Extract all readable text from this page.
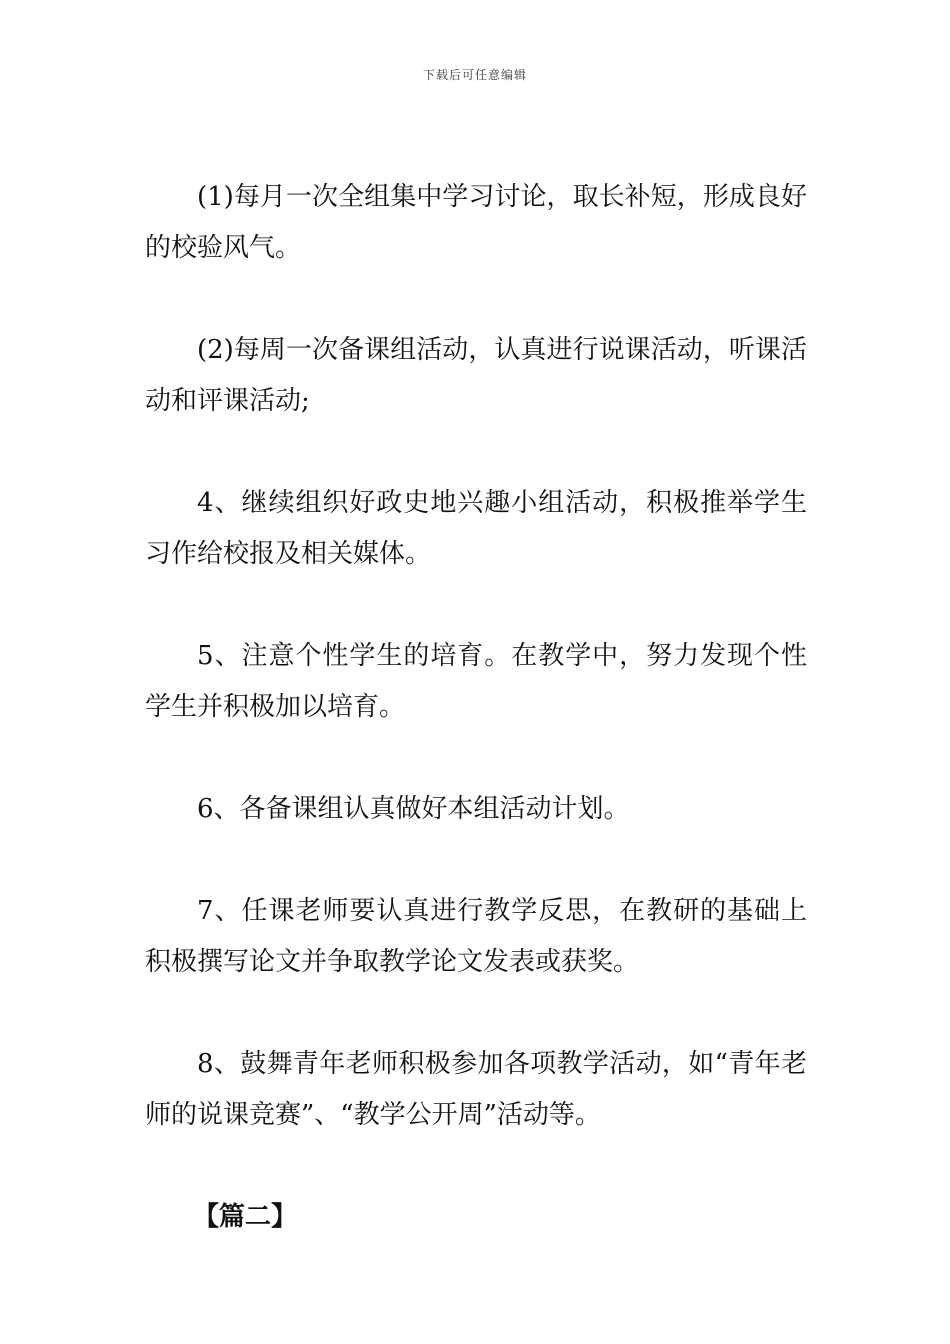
下载后可任意编辑

(1)每月一次全组集中学习讨论，取长补短，形成良好的校验风气。

(2)每周一次备课组活动，认真进行说课活动，听课活动和评课活动;

4、继续组织好政史地兴趣小组活动，积极推举学生习作给校报及相关媒体。

5、注意个性学生的培育。在教学中，努力发现个性学生并积极加以培育。

6、各备课组认真做好本组活动计划。

7、任课老师要认真进行教学反思，在教研的基础上积极撰写论文并争取教学论文发表或获奖。

8、鼓舞青年老师积极参加各项教学活动，如“青年老师的说课竞赛”、“教学公开周”活动等。

【篇二】
